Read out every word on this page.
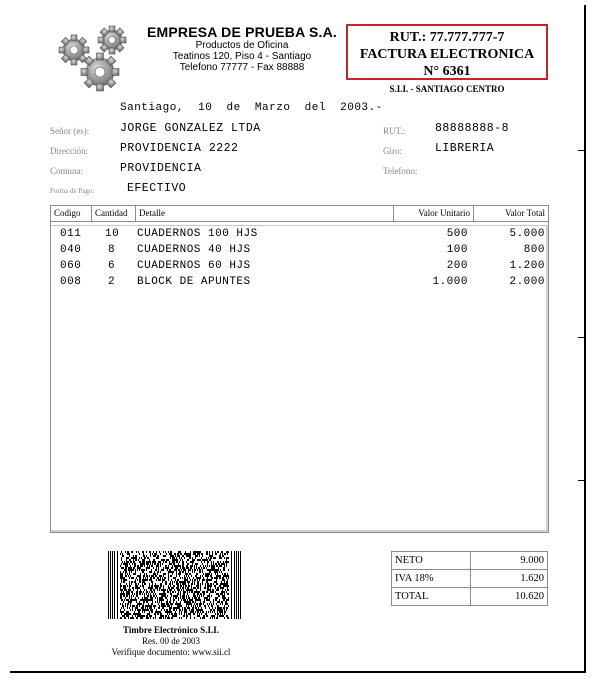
EMPRESA DE PRUEBA S.A.
Productos de Oficina
Teatinos 120, Piso 4 - Santiago
Telefono 77777 - Fax 88888
RUT.: 77.777.777-7
FACTURA ELECTRONICA
N° 6361
S.I.I. - SANTIAGO CENTRO
Santiago,  10  de  Marzo  del  2003.-
Señor (es):	JORGE GONZALEZ LTDA	RUT.:	88888888-8
Dirección:	PROVIDENCIA 2222	Giro:	LIBRERIA
Comuna:	PROVIDENCIA	Telefono:
Forma de Pago:	EFECTIVO
Codigo	Cantidad	Detalle	Valor Unitario	Valor Total
011 10 CUADERNOS 100 HJS	500	5.000
040 8 CUADERNOS 40 HJS	100	800
060 6 CUADERNOS 60 HJS	200	1.200
008 2 BLOCK DE APUNTES	1.000	2.000
Timbre Electrónico S.I.I.
Res. 00 de 2003
Verifique documento: www.sii.cl
NETO	9.000
IVA 18%	1.620
TOTAL	10.620
